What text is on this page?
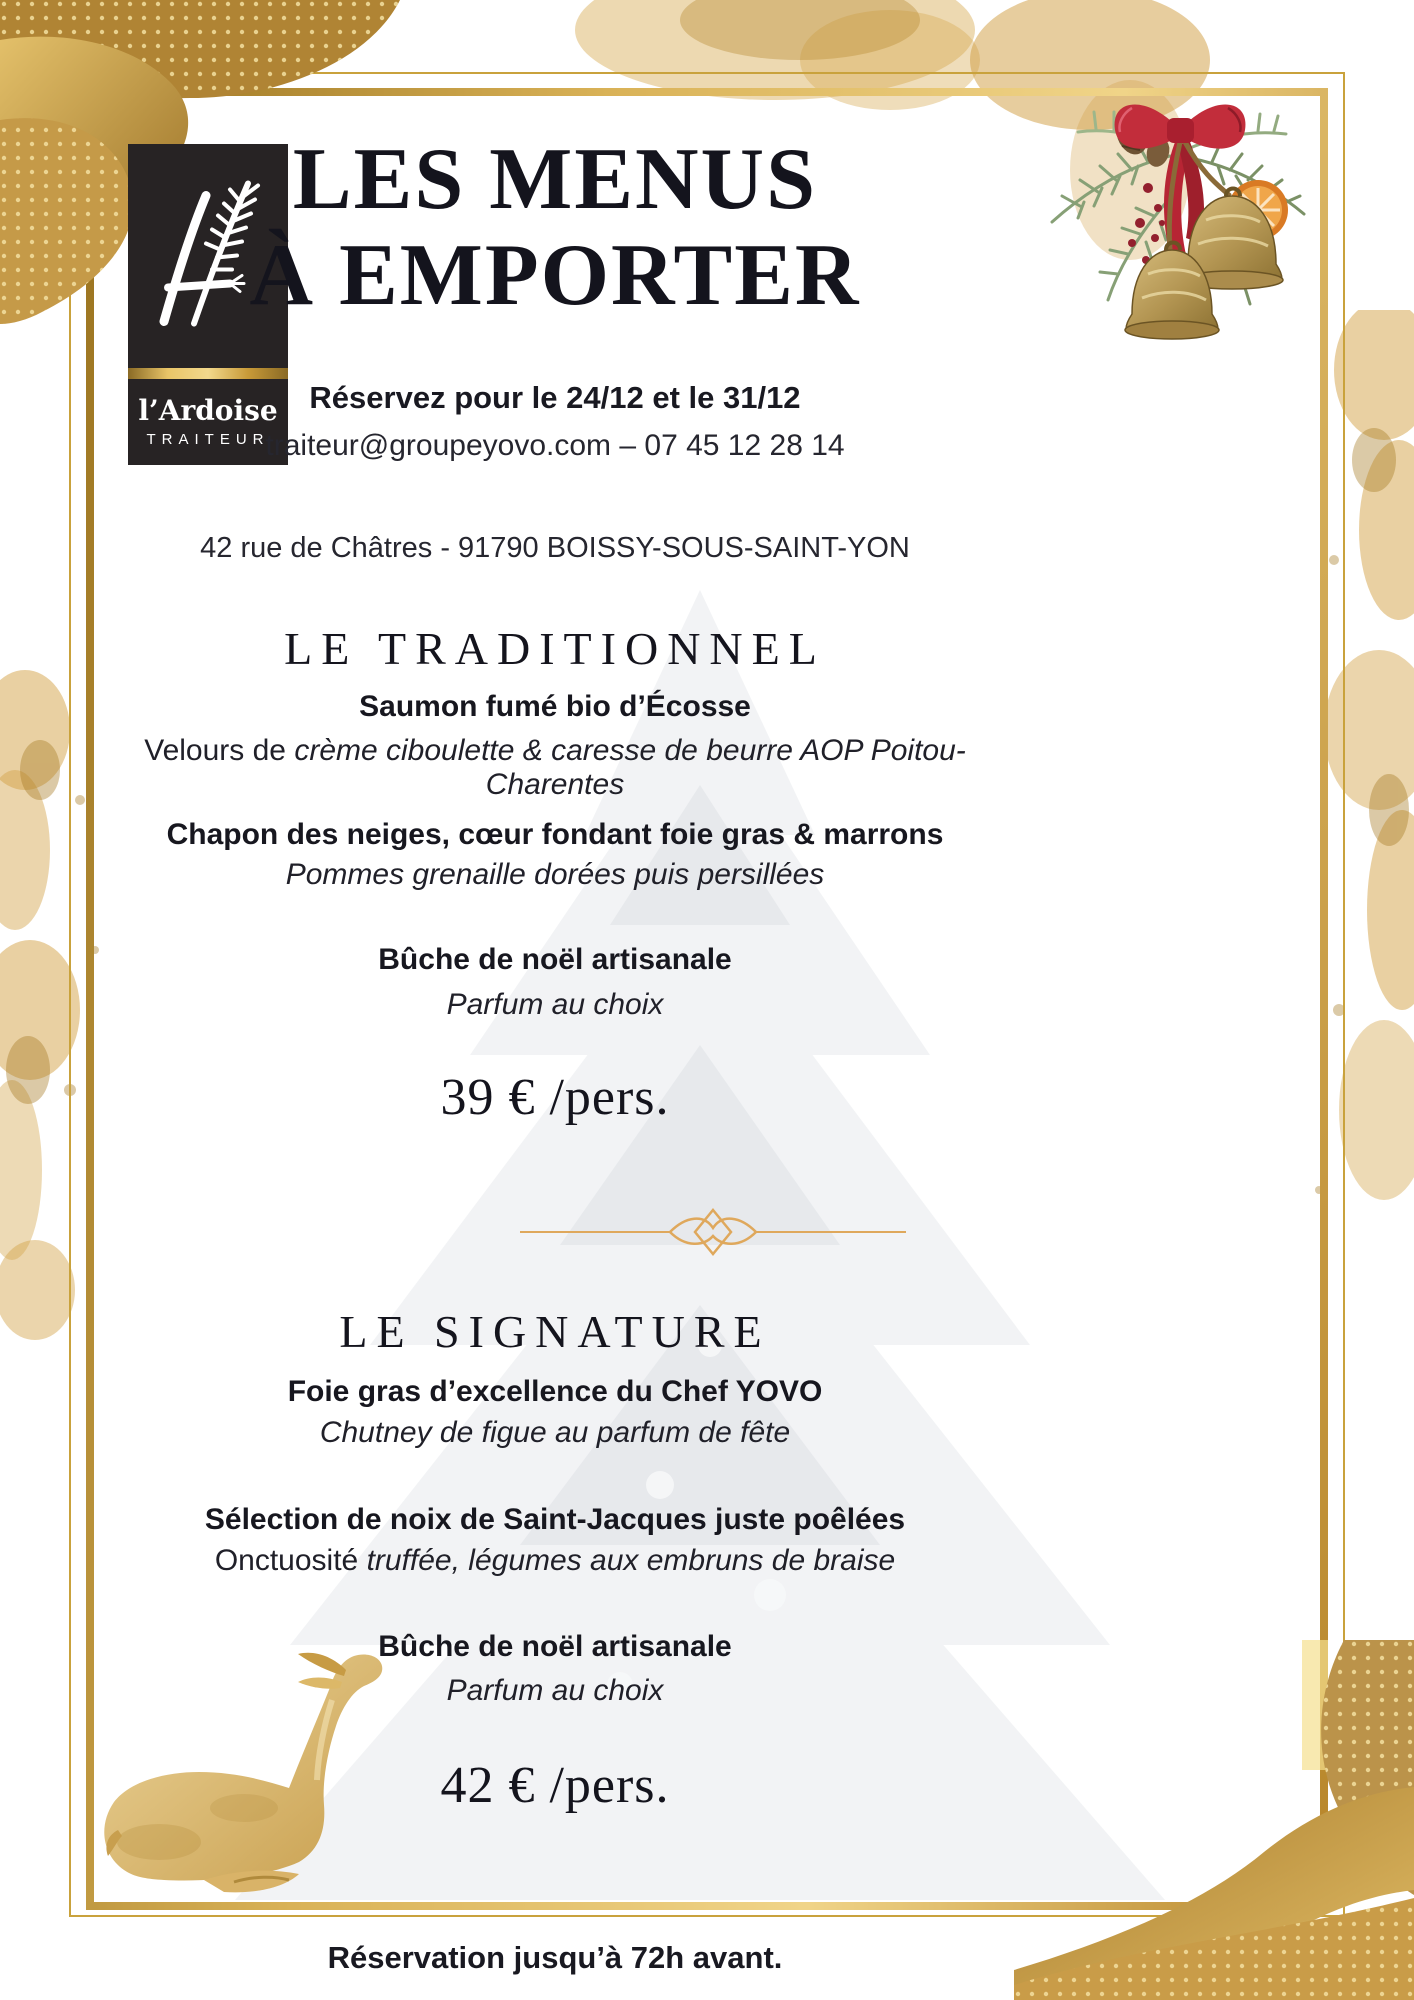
l’Ardoise
TRAITEUR
LES MENUS
À EMPORTER
Réservez pour le 24/12 et le 31/12
traiteur@groupeyovo.com – 07 45 12 28 14
42 rue de Châtres - 91790 BOISSY-SOUS-SAINT-YON
LE TRADITIONNEL
Saumon fumé bio d’Écosse
Velours de crème ciboulette & caresse de beurre AOP Poitou-Charentes
Chapon des neiges, cœur fondant foie gras & marrons
Pommes grenaille dorées puis persillées
Bûche de noël artisanale
Parfum au choix
39 € /pers.
LE SIGNATURE
Foie gras d’excellence du Chef YOVO
Chutney de figue au parfum de fête
Sélection de noix de Saint-Jacques juste poêlées
Onctuosité truffée, légumes aux embruns de braise
Bûche de noël artisanale
Parfum au choix
42 € /pers.
Réservation jusqu’à 72h avant.
